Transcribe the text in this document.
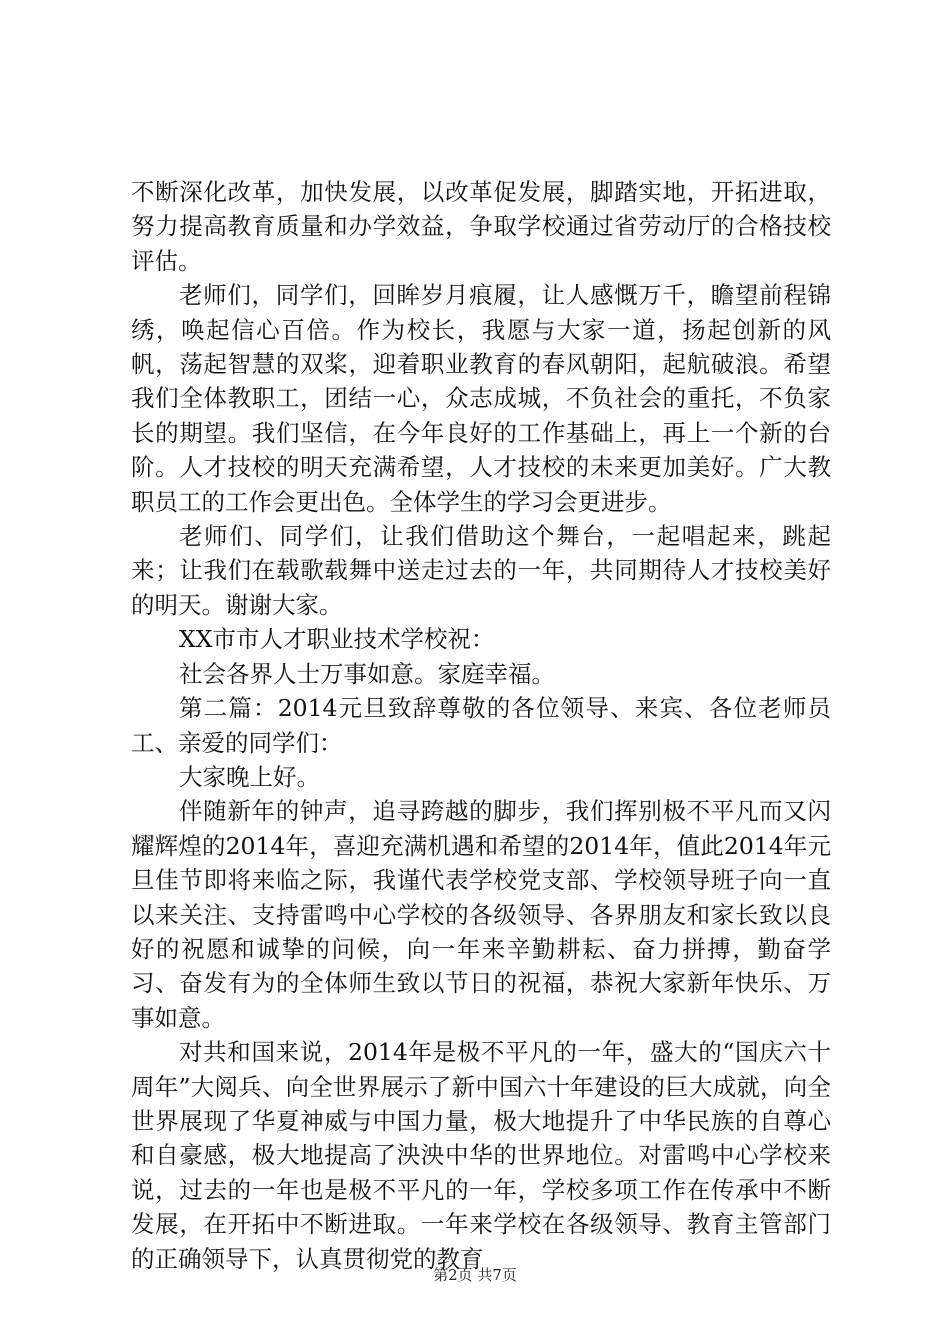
不断深化改革，加快发展，以改革促发展，脚踏实地，开拓进取，努力提高教育质量和办学效益，争取学校通过省劳动厅的合格技校评估。

老师们，同学们，回眸岁月痕履，让人感慨万千，瞻望前程锦绣，唤起信心百倍。作为校长，我愿与大家一道，扬起创新的风帆，荡起智慧的双桨，迎着职业教育的春风朝阳，起航破浪。希望我们全体教职工，团结一心，众志成城，不负社会的重托，不负家长的期望。我们坚信，在今年良好的工作基础上，再上一个新的台阶。人才技校的明天充满希望，人才技校的未来更加美好。广大教职员工的工作会更出色。全体学生的学习会更进步。

老师们、同学们，让我们借助这个舞台，一起唱起来，跳起来；让我们在载歌载舞中送走过去的一年，共同期待人才技校美好的明天。谢谢大家。

XX市市人才职业技术学校祝：

社会各界人士万事如意。家庭幸福。

第二篇：2014元旦致辞尊敬的各位领导、来宾、各位老师员工、亲爱的同学们：

大家晚上好。

伴随新年的钟声，追寻跨越的脚步，我们挥别极不平凡而又闪耀辉煌的2014年，喜迎充满机遇和希望的2014年，值此2014年元旦佳节即将来临之际，我谨代表学校党支部、学校领导班子向一直以来关注、支持雷鸣中心学校的各级领导、各界朋友和家长致以良好的祝愿和诚挚的问候，向一年来辛勤耕耘、奋力拼搏，勤奋学习、奋发有为的全体师生致以节日的祝福，恭祝大家新年快乐、万事如意。

对共和国来说，2014年是极不平凡的一年，盛大的“国庆六十周年”大阅兵、向全世界展示了新中国六十年建设的巨大成就，向全世界展现了华夏神威与中国力量，极大地提升了中华民族的自尊心和自豪感，极大地提高了泱泱中华的世界地位。对雷鸣中心学校来说，过去的一年也是极不平凡的一年，学校多项工作在传承中不断发展，在开拓中不断进取。一年来学校在各级领导、教育主管部门的正确领导下，认真贯彻党的教育

第2页 共7页
